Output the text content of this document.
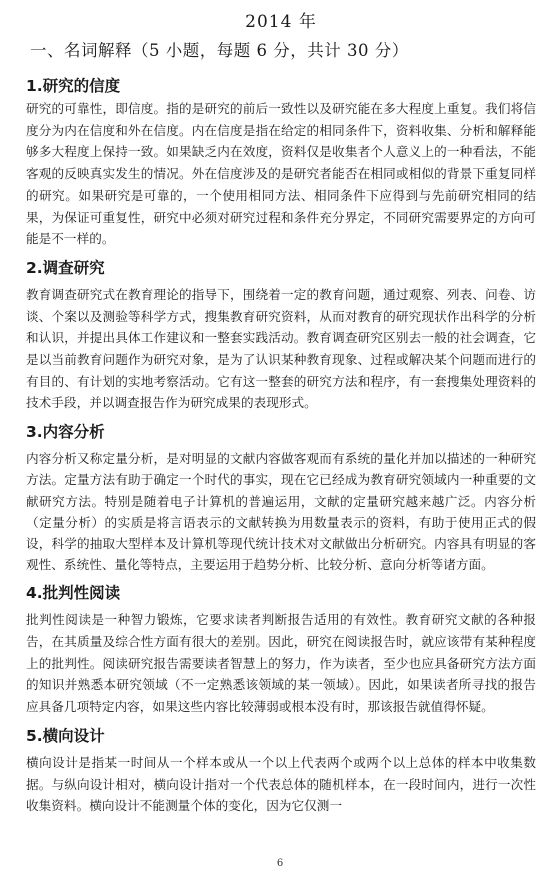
2014 年
一、名词解释（5 小题，每题 6 分，共计 30 分）
1.研究的信度

研究的可靠性，即信度。指的是研究的前后一致性以及研究能在多大程度上重复。我们将信度分为内在信度和外在信度。内在信度是指在给定的相同条件下，资料收集、分析和解释能够多大程度上保持一致。如果缺乏内在效度，资料仅是收集者个人意义上的一种看法，不能客观的反映真实发生的情况。外在信度涉及的是研究者能否在相同或相似的背景下重复同样的研究。如果研究是可靠的，一个使用相同方法、相同条件下应得到与先前研究相同的结果，为保证可重复性，研究中必须对研究过程和条件充分界定，不同研究需要界定的方向可能是不一样的。

2.调查研究

教育调查研究式在教育理论的指导下，围绕着一定的教育问题，通过观察、列表、问卷、访谈、个案以及测验等科学方式，搜集教育研究资料，从而对教育的研究现状作出科学的分析和认识，并提出具体工作建议和一整套实践活动。教育调查研究区别去一般的社会调查，它是以当前教育问题作为研究对象，是为了认识某种教育现象、过程或解决某个问题而进行的有目的、有计划的实地考察活动。它有这一整套的研究方法和程序，有一套搜集处理资料的技术手段，并以调查报告作为研究成果的表现形式。

3.内容分析

内容分析又称定量分析，是对明显的文献内容做客观而有系统的量化并加以描述的一种研究方法。定量方法有助于确定一个时代的事实，现在它已经成为教育研究领域内一种重要的文献研究方法。特别是随着电子计算机的普遍运用，文献的定量研究越来越广泛。内容分析（定量分析）的实质是将言语表示的文献转换为用数量表示的资料，有助于使用正式的假设，科学的抽取大型样本及计算机等现代统计技术对文献做出分析研究。内容具有明显的客观性、系统性、量化等特点，主要运用于趋势分析、比较分析、意向分析等诸方面。

4.批判性阅读

批判性阅读是一种智力锻炼，它要求读者判断报告适用的有效性。教育研究文献的各种报告，在其质量及综合性方面有很大的差别。因此，研究在阅读报告时，就应该带有某种程度上的批判性。阅读研究报告需要读者智慧上的努力，作为读者，至少也应具备研究方法方面的知识并熟悉本研究领域（不一定熟悉该领域的某一领域）。因此，如果读者所寻找的报告应具备几项特定内容，如果这些内容比较薄弱或根本没有时，那该报告就值得怀疑。

5.横向设计

横向设计是指某一时间从一个样本或从一个以上代表两个或两个以上总体的样本中收集数据。与纵向设计相对，横向设计指对一个代表总体的随机样本，在一段时间内，进行一次性收集资料。横向设计不能测量个体的变化，因为它仅测一

6
